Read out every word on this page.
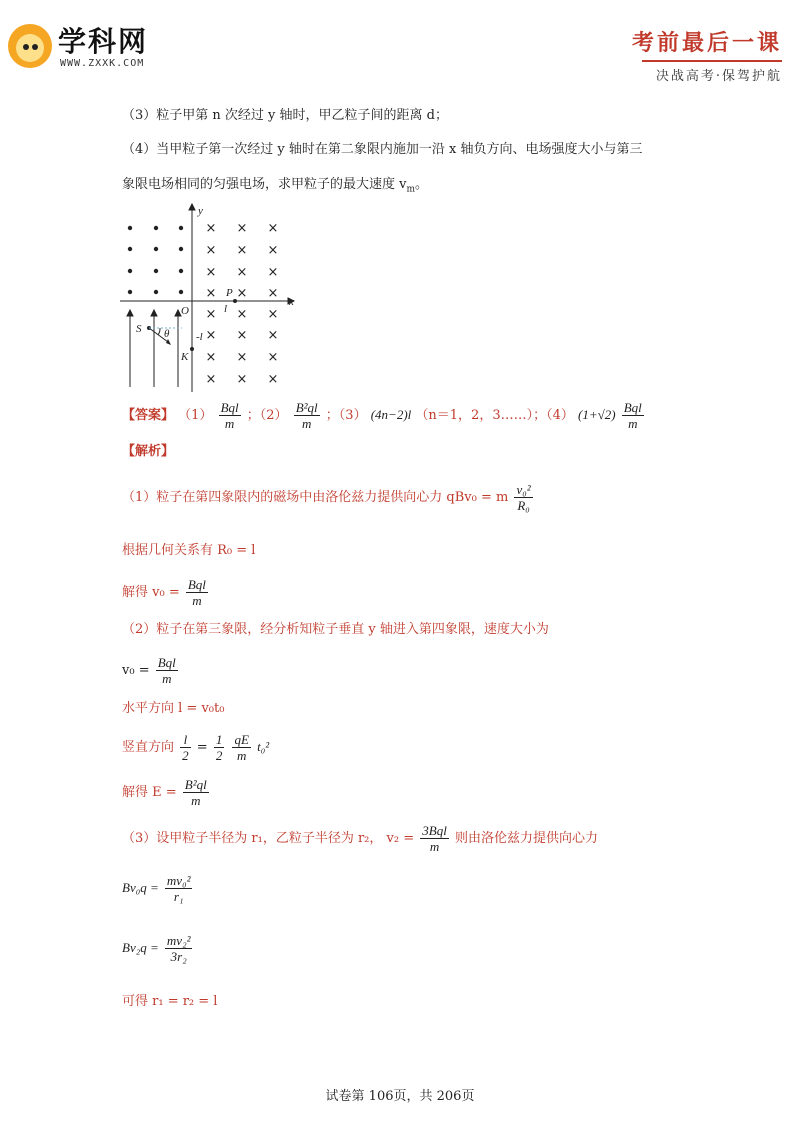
学科网
WWW.ZXXK.COM
考前最后一课
决战高考·保驾护航
（3）粒子甲第 n 次经过 y 轴时，甲乙粒子间的距离 d；
（4）当甲粒子第一次经过 y 轴时在第二象限内施加一沿 x 轴负方向、电场强度大小与第三
象限电场相同的匀强电场，求甲粒子的最大速度 $v_m$。
【答案】 $(1) \frac{\text{Bql}}{m}$ ；$(2) \frac{\text{B²ql}}{m}$ ；（3） (4n−2)l （n＝1，2，3……）；（4） $(1+√2) \frac{\text{Bql}}{m}$
【解析】
（1）粒子在第四象限内的磁场中由洛伦兹力提供向心力 qBv₀ = m $\frac{\text{v₀²}}{\text{R₀}}$
根据几何关系有 R₀ = l
解得 $v_0 = \frac{\text{Bql}}{m}$
（2）粒子在第三象限，经分析知粒子垂直 y 轴进入第四象限，速度大小为
$v_0 = \frac{\text{Bql}}{m}$
水平方向 l = v₀t₀
竖直方向 $\frac{l}{2} = \frac{1}{2}$
$\frac{qE}{m} t_0^2$
解得 $E = \frac{\text{B²ql}}{m}$
（3）设甲粒子半径为 r₁，乙粒子半径为 r₂， $v_2 = \frac{\text{3Bql}}{m}$ 则由洛伦兹力提供向心力
$Bv_0q = \frac{\text{mv₀²}}{\text{r₁}}$
$Bv_2q = \frac{\text{mv₂²}}{\text{3r₂}}$
可得 r₁ = r₂ = l
× × ×
× × ×
× × ×
× × ×
× × ×
× × ×
× × ×
× × ×
y
x
O
P
l
-l
S θ
K
试卷第 106页，共 206页
